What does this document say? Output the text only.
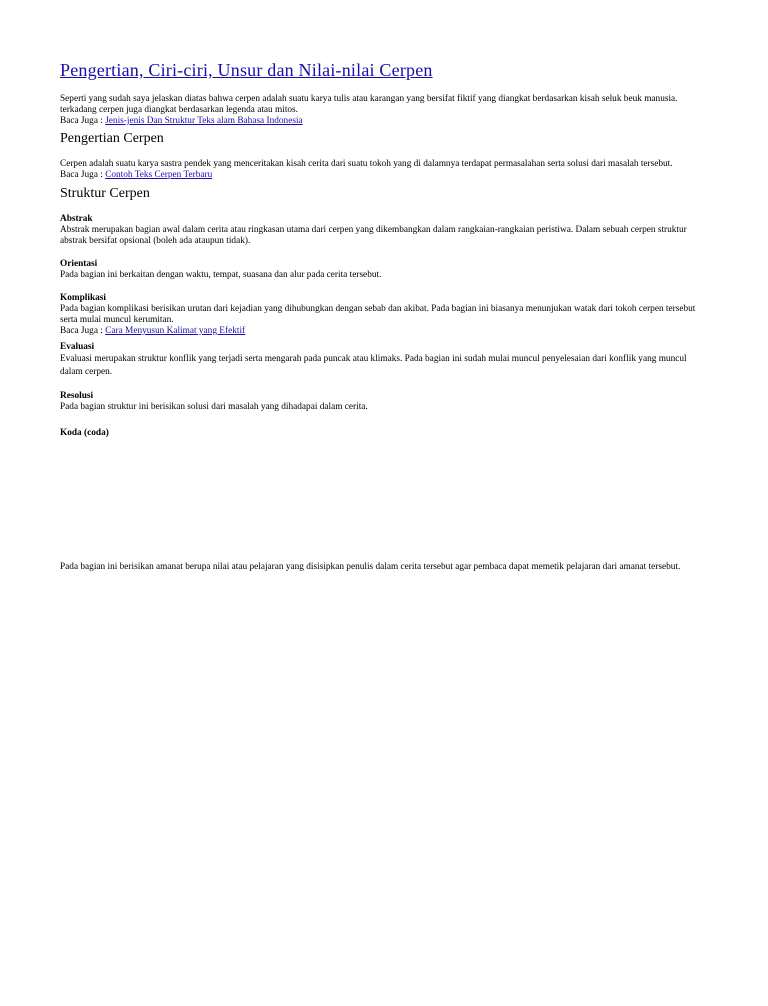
Pengertian, Ciri-ciri, Unsur dan Nilai-nilai Cerpen

Seperti yang sudah saya jelaskan diatas bahwa cerpen adalah suatu karya tulis atau karangan yang bersifat fiktif yang diangkat berdasarkan kisah seluk beuk manusia. terkadang cerpen juga diangkat berdasarkan legenda atau mitos.

Baca Juga : Jenis-jenis Dan Struktur Teks alam Bahasa Indonesia

Pengertian Cerpen

Cerpen adalah suatu karya sastra pendek yang menceritakan kisah cerita dari suatu tokoh yang di dalamnya terdapat permasalahan serta solusi dari masalah tersebut.

Baca Juga : Contoh Teks Cerpen Terbaru

Struktur Cerpen

Abstrak

Abstrak merupakan bagian awal dalam cerita atau ringkasan utama dari cerpen yang dikembangkan dalam rangkaian-rangkaian peristiwa. Dalam sebuah cerpen struktur abstrak bersifat opsional (boleh ada ataupun tidak).

Orientasi

Pada bagian ini berkaitan dengan waktu, tempat, suasana dan alur pada cerita tersebut.

Komplikasi

Pada bagian komplikasi berisikan urutan dari kejadian yang dihubungkan dengan sebab dan akibat. Pada bagian ini biasanya menunjukan watak dari tokoh cerpen tersebut serta mulai muncul kerumitan.

Baca Juga : Cara Menyusun Kalimat yang Efektif

Evaluasi

Evaluasi merupakan struktur konflik yang terjadi serta mengarah pada puncak atau klimaks. Pada bagian ini sudah mulai muncul penyelesaian dari konflik yang muncul dalam cerpen.

Resolusi

Pada bagian struktur ini berisikan solusi dari masalah yang dihadapai dalam cerita.

Koda (coda)

Pada bagian ini berisikan amanat berupa nilai atau pelajaran yang disisipkan penulis dalam cerita tersebut agar pembaca dapat memetik pelajaran dari amanat tersebut.
